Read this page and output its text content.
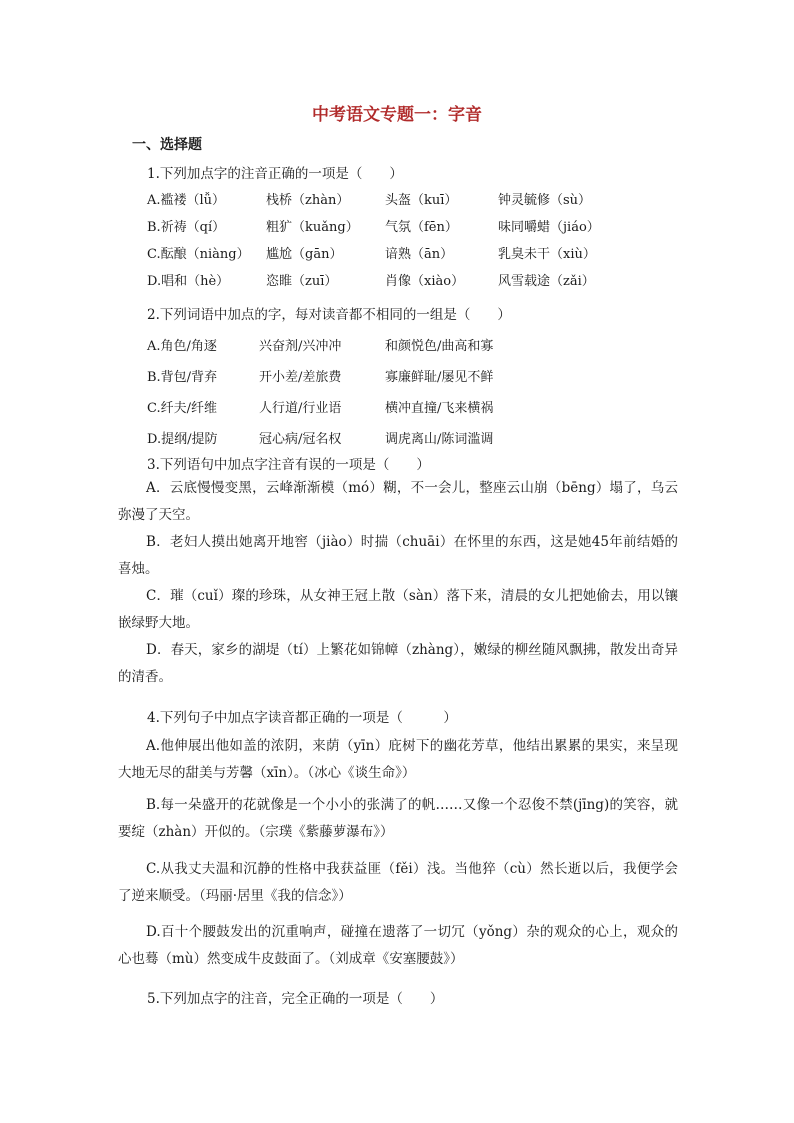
中考语文专题一：字音
一、选择题
1.下列加点字的注音正确的一项是（　　）
A.褴褛（lǚ）	栈桥（zhàn）	头盔（kuī）	钟灵毓修（sù）
B.祈祷（qí）	粗犷（kuǎng） 气氛（fēn）	味同嚼蜡（jiáo）
C.酝酿（niàng） 尴尬（gān）	谙熟（ān）	乳臭未干（xiù）
D.唱和（hè）	恣睢（zuī）	肖像（xiào）	风雪载途（zǎi）
2.下列词语中加点的字，每对读音都不相同的一组是（　　）
A.角色/角逐	兴奋剂/兴冲冲	和颜悦色/曲高和寡
B.背包/背弃	开小差/差旅费	寡廉鲜耻/屡见不鲜
C.纤夫/纤维	人行道/行业语	横冲直撞/飞来横祸
D.提纲/提防	冠心病/冠名权	调虎离山/陈词滥调
3.下列语句中加点字注音有误的一项是（　　）
A．云底慢慢变黑，云峰渐渐模（mó）糊，不一会儿，整座云山崩（bēng）塌了，乌云弥漫了天空。
B．老妇人摸出她离开地窖（jiào）时揣（chuāi）在怀里的东西，这是她45年前结婚的喜烛。
C．璀（cuǐ）璨的珍珠，从女神王冠上散（sàn）落下来，清晨的女儿把她偷去，用以镶嵌绿野大地。
D．春天，家乡的湖堤（tí）上繁花如锦幛（zhàng），嫩绿的柳丝随风飘拂，散发出奇异的清香。
4.下列句子中加点字读音都正确的一项是（　　　）
A.他伸展出他如盖的浓阴，来荫（yīn）庇树下的幽花芳草，他结出累累的果实，来呈现大地无尽的甜美与芳馨（xīn）。（冰心《谈生命》）
B.每一朵盛开的花就像是一个小小的张满了的帆……又像一个忍俊不禁(jīng)的笑容，就要绽（zhàn）开似的。（宗璞《紫藤萝瀑布》）
C.从我丈夫温和沉静的性格中我获益匪（fěi）浅。当他猝（cù）然长逝以后，我便学会了逆来顺受。（玛丽·居里《我的信念》）
D.百十个腰鼓发出的沉重响声，碰撞在遗落了一切冗（yǒng）杂的观众的心上，观众的心也蓦（mù）然变成牛皮鼓面了。（刘成章《安塞腰鼓》）
5.下列加点字的注音，完全正确的一项是（　　）
